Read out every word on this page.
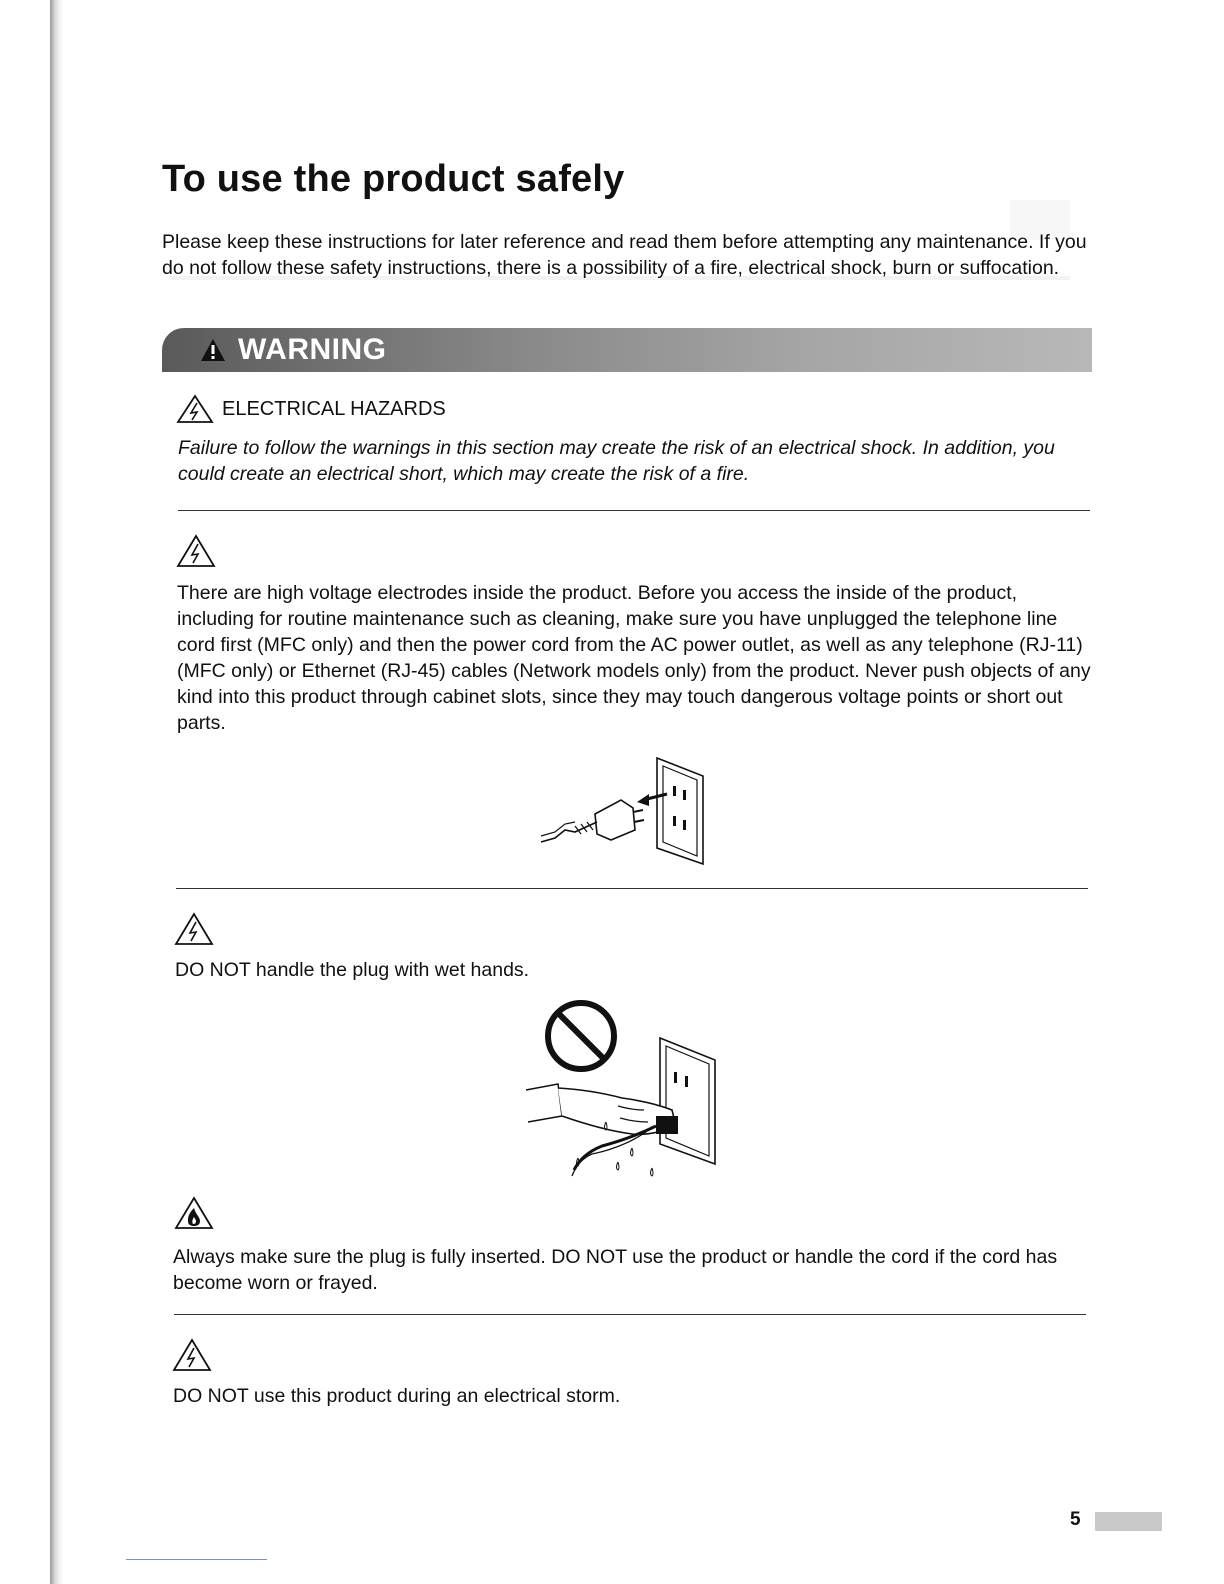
To use the product safely

Please keep these instructions for later reference and read them before attempting any maintenance. If you do not follow these safety instructions, there is a possibility of a fire, electrical shock, burn or suffocation.

WARNING
ELECTRICAL HAZARDS

Failure to follow the warnings in this section may create the risk of an electrical shock. In addition, you could create an electrical short, which may create the risk of a fire.

There are high voltage electrodes inside the product. Before you access the inside of the product, including for routine maintenance such as cleaning, make sure you have unplugged the telephone line cord first (MFC only) and then the power cord from the AC power outlet, as well as any telephone (RJ-11) (MFC only) or Ethernet (RJ-45) cables (Network models only) from the product. Never push objects of any kind into this product through cabinet slots, since they may touch dangerous voltage points or short out parts.

DO NOT handle the plug with wet hands.

Always make sure the plug is fully inserted. DO NOT use the product or handle the cord if the cord has become worn or frayed.

DO NOT use this product during an electrical storm.

5
